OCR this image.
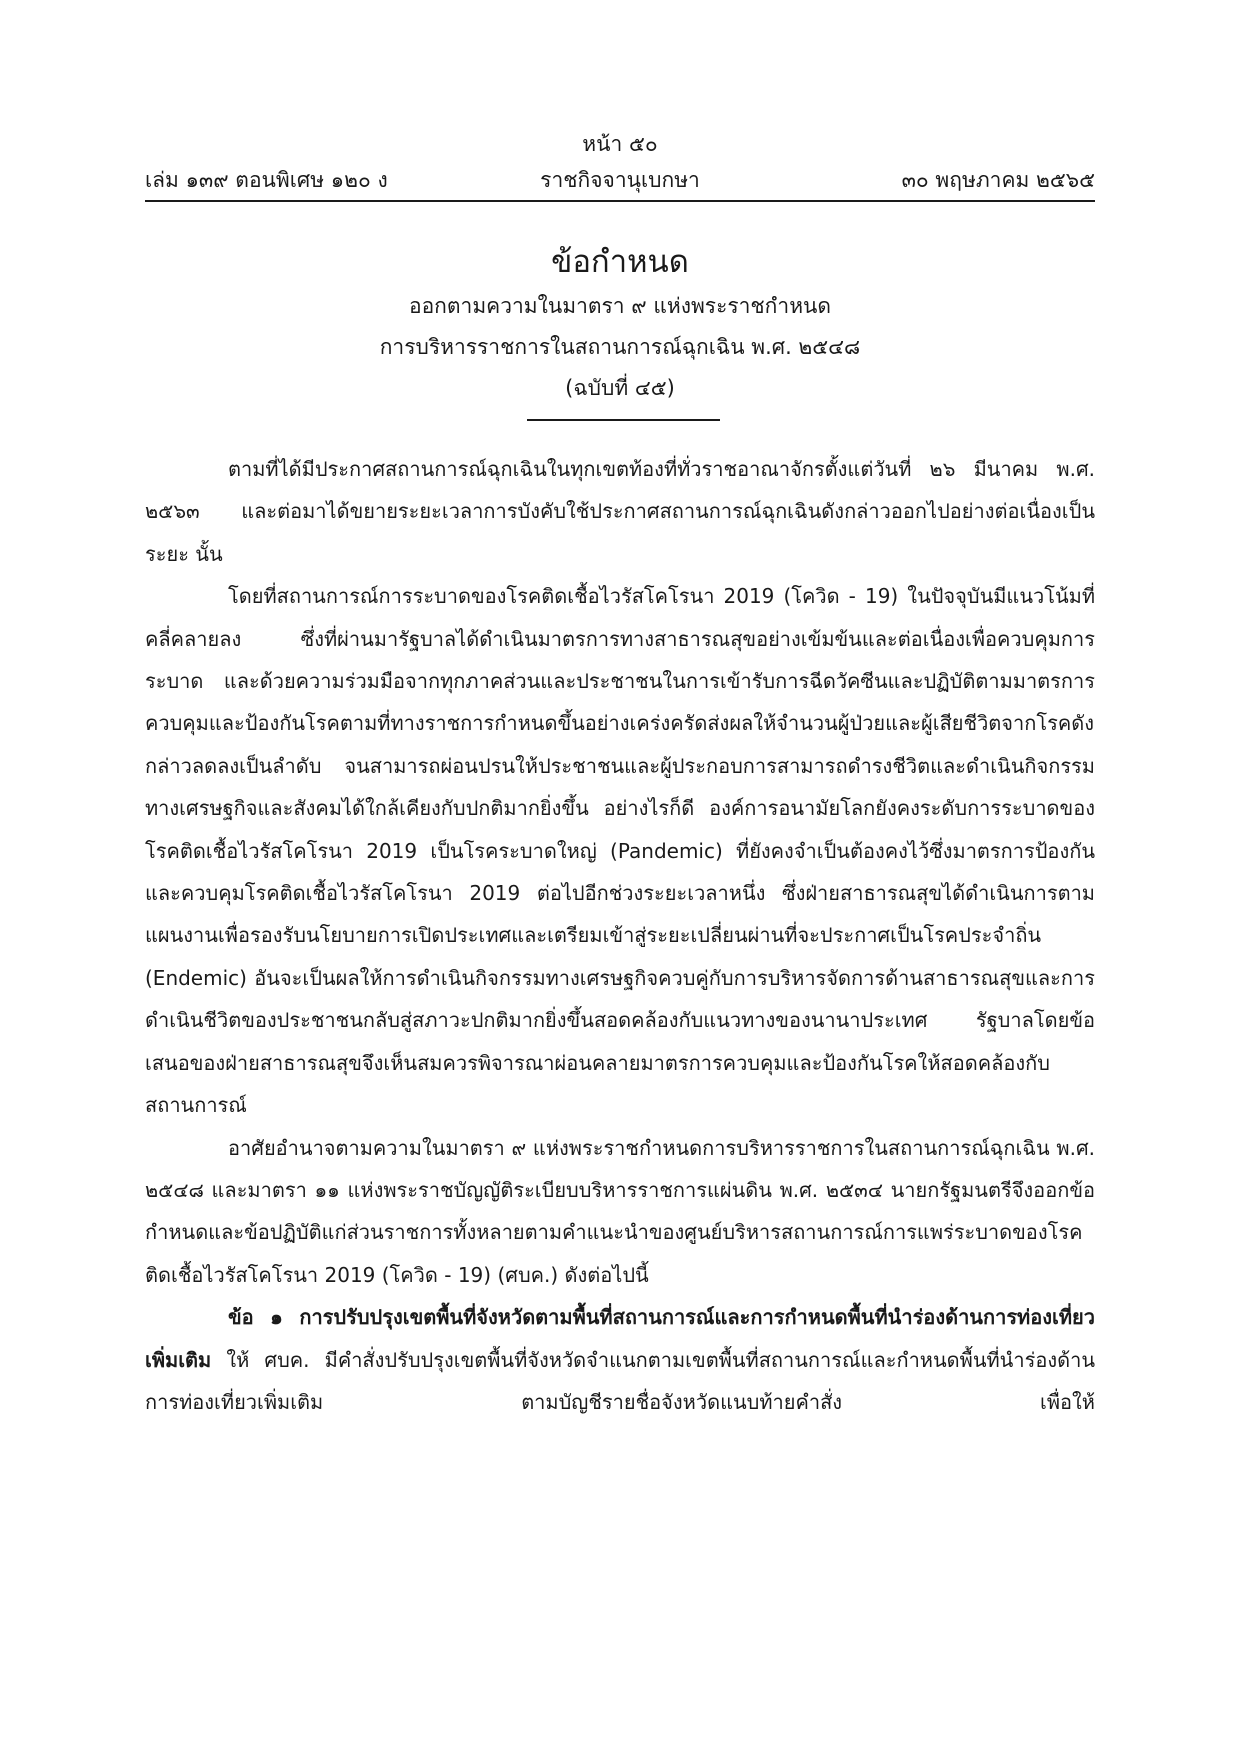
หน้า ๕๐
ราชกิจจานุเบกษา
เล่ม ๑๓๙ ตอนพิเศษ ๑๒๐ ง	๓๐ พฤษภาคม ๒๕๖๕
ข้อกำหนด
ออกตามความในมาตรา ๙ แห่งพระราชกำหนด
การบริหารราชการในสถานการณ์ฉุกเฉิน พ.ศ. ๒๕๔๘
(ฉบับที่ ๔๕)

ตามที่ได้มีประกาศสถานการณ์ฉุกเฉินในทุกเขตท้องที่ทั่วราชอาณาจักรตั้งแต่วันที่ ๒๖ มีนาคม พ.ศ. ๒๕๖๓ และต่อมาได้ขยายระยะเวลาการบังคับใช้ประกาศสถานการณ์ฉุกเฉินดังกล่าวออกไปอย่างต่อเนื่องเป็นระยะ นั้น

โดยที่สถานการณ์การระบาดของโรคติดเชื้อไวรัสโคโรนา 2019 (โควิด - 19) ในปัจจุบันมีแนวโน้มที่คลี่คลายลง ซึ่งที่ผ่านมารัฐบาลได้ดำเนินมาตรการทางสาธารณสุขอย่างเข้มข้นและต่อเนื่องเพื่อควบคุมการระบาด และด้วยความร่วมมือจากทุกภาคส่วนและประชาชนในการเข้ารับการฉีดวัคซีนและปฏิบัติตามมาตรการควบคุมและป้องกันโรคตามที่ทางราชการกำหนดขึ้นอย่างเคร่งครัดส่งผลให้จำนวนผู้ป่วยและผู้เสียชีวิตจากโรคดังกล่าวลดลงเป็นลำดับ จนสามารถผ่อนปรนให้ประชาชนและผู้ประกอบการสามารถดำรงชีวิตและดำเนินกิจกรรมทางเศรษฐกิจและสังคมได้ใกล้เคียงกับปกติมากยิ่งขึ้น อย่างไรก็ดี องค์การอนามัยโลกยังคงระดับการระบาดของโรคติดเชื้อไวรัสโคโรนา 2019 เป็นโรคระบาดใหญ่ (Pandemic) ที่ยังคงจำเป็นต้องคงไว้ซึ่งมาตรการป้องกันและควบคุมโรคติดเชื้อไวรัสโคโรนา 2019 ต่อไปอีกช่วงระยะเวลาหนึ่ง ซึ่งฝ่ายสาธารณสุขได้ดำเนินการตามแผนงานเพื่อรองรับนโยบายการเปิดประเทศและเตรียมเข้าสู่ระยะเปลี่ยนผ่านที่จะประกาศเป็นโรคประจำถิ่น (Endemic) อันจะเป็นผลให้การดำเนินกิจกรรมทางเศรษฐกิจควบคู่กับการบริหารจัดการด้านสาธารณสุขและการดำเนินชีวิตของประชาชนกลับสู่สภาวะปกติมากยิ่งขึ้นสอดคล้องกับแนวทางของนานาประเทศ รัฐบาลโดยข้อเสนอของฝ่ายสาธารณสุขจึงเห็นสมควรพิจารณาผ่อนคลายมาตรการควบคุมและป้องกันโรคให้สอดคล้องกับสถานการณ์

อาศัยอำนาจตามความในมาตรา ๙ แห่งพระราชกำหนดการบริหารราชการในสถานการณ์ฉุกเฉิน พ.ศ. ๒๕๔๘ และมาตรา ๑๑ แห่งพระราชบัญญัติระเบียบบริหารราชการแผ่นดิน พ.ศ. ๒๕๓๔ นายกรัฐมนตรีจึงออกข้อกำหนดและข้อปฏิบัติแก่ส่วนราชการทั้งหลายตามคำแนะนำของศูนย์บริหารสถานการณ์การแพร่ระบาดของโรคติดเชื้อไวรัสโคโรนา 2019 (โควิด - 19) (ศบค.) ดังต่อไปนี้

ข้อ ๑ การปรับปรุงเขตพื้นที่จังหวัดตามพื้นที่สถานการณ์และการกำหนดพื้นที่นำร่องด้านการท่องเที่ยวเพิ่มเติม ให้ ศบค. มีคำสั่งปรับปรุงเขตพื้นที่จังหวัดจำแนกตามเขตพื้นที่สถานการณ์และกำหนดพื้นที่นำร่องด้านการท่องเที่ยวเพิ่มเติม ตามบัญชีรายชื่อจังหวัดแนบท้ายคำสั่ง เพื่อให้
